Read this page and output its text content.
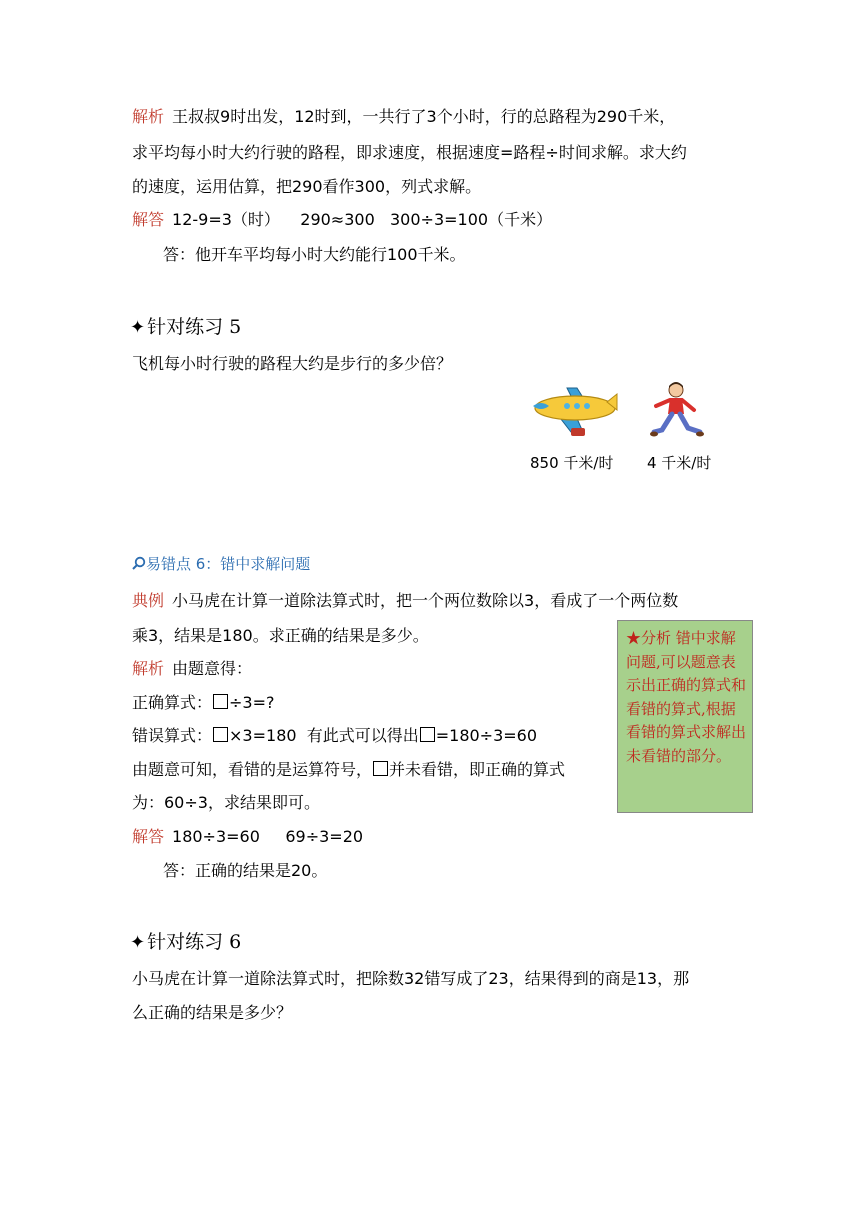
解析 王叔叔9时出发，12时到，一共行了3个小时，行的总路程为290千米，
求平均每小时大约行驶的路程，即求速度，根据速度=路程÷时间求解。求大约
的速度，运用估算，把290看作300，列式求解。
解答 12-9=3（时）    290≈300   300÷3=100（千米）
答：他开车平均每小时大约能行100千米。
✦ 针对练习 5
飞机每小时行驶的路程大约是步行的多少倍？
850 千米/时 4 千米/时
易错点 6：错中求解问题
典例 小马虎在计算一道除法算式时，把一个两位数除以3，看成了一个两位数
乘3，结果是180。求正确的结果是多少。
解析 由题意得：
正确算式： ÷3=?
错误算式： ×3=180  有此式可以得出 =180÷3=60
由题意可知，看错的是运算符号， 并未看错，即正确的算式
为：60÷3，求结果即可。
解答 180÷3=60     69÷3=20
答：正确的结果是20。
★分析 错中求解问题,可以题意表示出正确的算式和看错的算式,根据看错的算式求解出未看错的部分。
✦ 针对练习 6
小马虎在计算一道除法算式时，把除数32错写成了23，结果得到的商是13，那
么正确的结果是多少？
